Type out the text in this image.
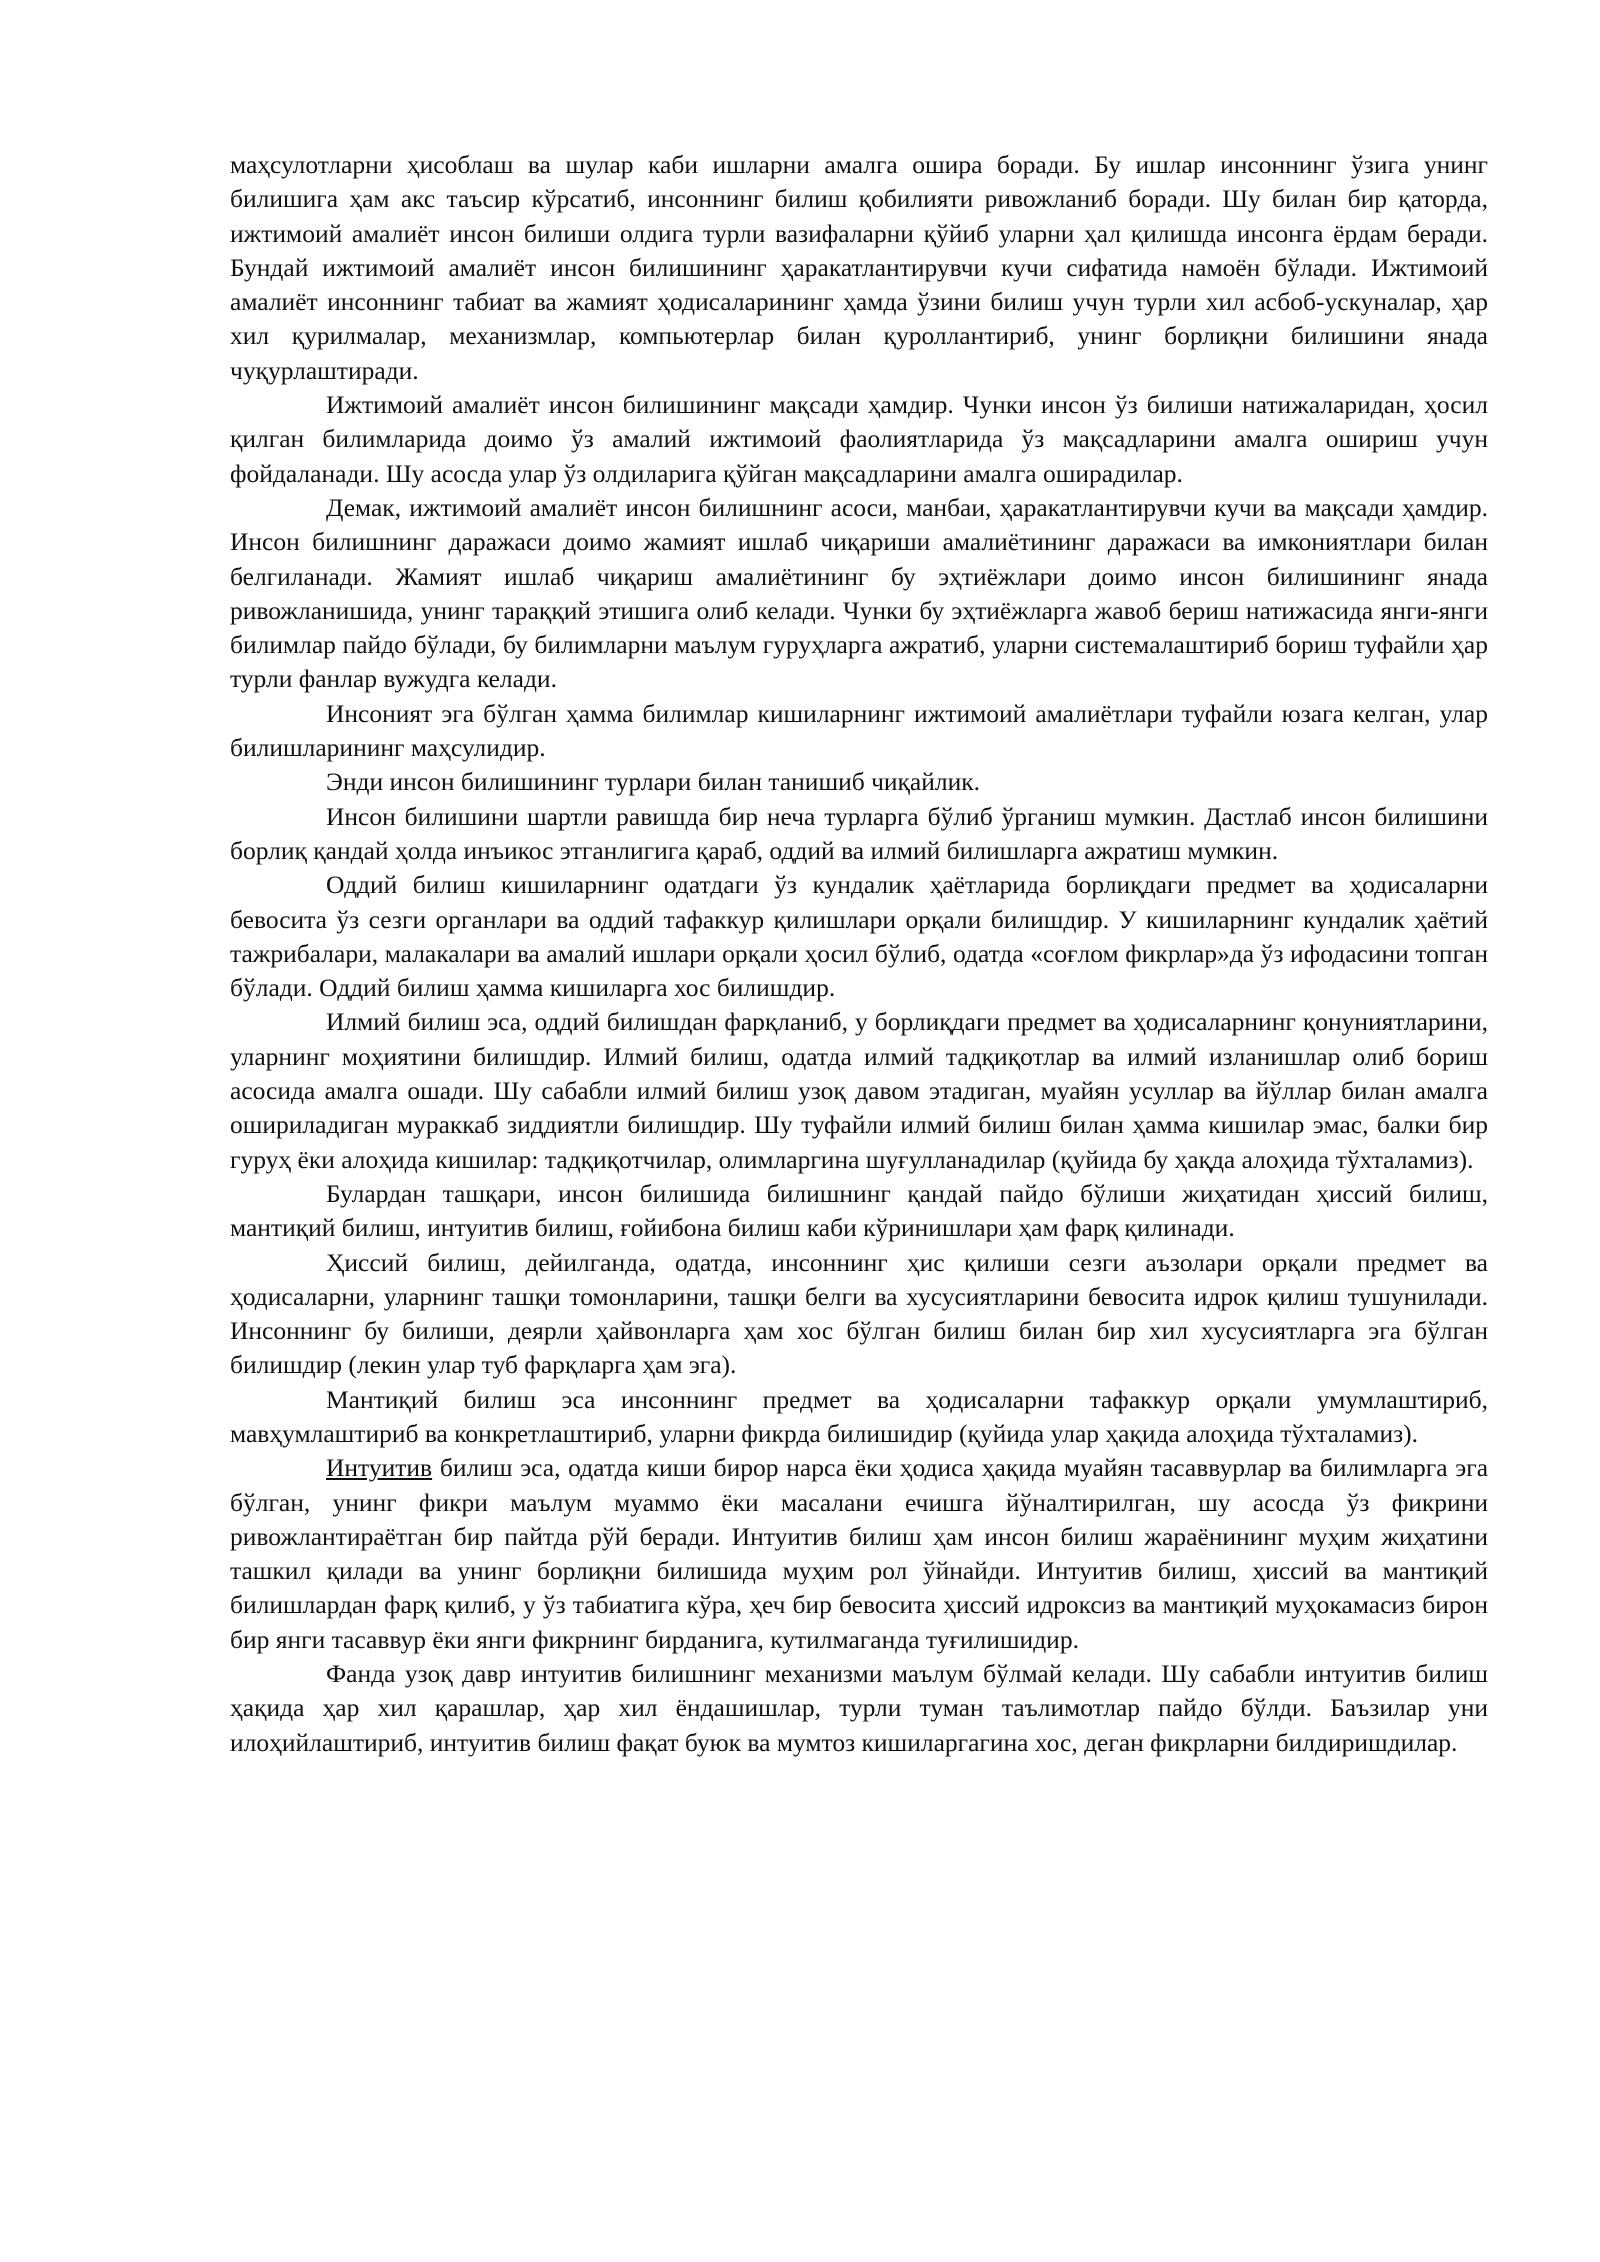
маҳсулотларни ҳисоблаш ва шулар каби ишларни амалга ошира боради. Бу ишлар инсоннинг ўзига унинг билишига ҳам акс таъсир кўрсатиб, инсоннинг билиш қобилияти ривожланиб боради. Шу билан бир қаторда, ижтимоий амалиёт инсон билиши олдига турли вазифаларни қўйиб уларни ҳал қилишда инсонга ёрдам беради. Бундай ижтимоий амалиёт инсон билишининг ҳаракатлантирувчи кучи сифатида намоён бўлади. Ижтимоий амалиёт инсоннинг табиат ва жамият ҳодисаларининг ҳамда ўзини билиш учун турли хил асбоб-ускуналар, ҳар хил қурилмалар, механизмлар, компьютерлар билан қуроллантириб, унинг борлиқни билишини янада чуқурлаштиради.

Ижтимоий амалиёт инсон билишининг мақсади ҳамдир. Чунки инсон ўз билиши натижаларидан, ҳосил қилган билимларида доимо ўз амалий ижтимоий фаолиятларида ўз мақсадларини амалга ошириш учун фойдаланади. Шу асосда улар ўз олдиларига қўйган мақсадларини амалга оширадилар.

Демак, ижтимоий амалиёт инсон билишнинг асоси, манбаи, ҳаракатлантирувчи кучи ва мақсади ҳамдир. Инсон билишнинг даражаси доимо жамият ишлаб чиқариши амалиётининг даражаси ва имкониятлари билан белгиланади. Жамият ишлаб чиқариш амалиётининг бу эҳтиёжлари доимо инсон билишининг янада ривожланишида, унинг тараққий этишига олиб келади. Чунки бу эҳтиёжларга жавоб бериш натижасида янги-янги билимлар пайдо бўлади, бу билимларни маълум гуруҳларга ажратиб, уларни системалаштириб бориш туфайли ҳар турли фанлар вужудга келади.

Инсоният эга бўлган ҳамма билимлар кишиларнинг ижтимоий амалиётлари туфайли юзага келган, улар билишларининг маҳсулидир.

Энди инсон билишининг турлари билан танишиб чиқайлик.

Инсон билишини шартли равишда бир неча турларга бўлиб ўрганиш мумкин. Дастлаб инсон билишини борлиқ қандай ҳолда инъикос этганлигига қараб, оддий ва илмий билишларга ажратиш мумкин.

Оддий билиш кишиларнинг одатдаги ўз кундалик ҳаётларида борлиқдаги предмет ва ҳодисаларни бевосита ўз сезги органлари ва оддий тафаккур қилишлари орқали билишдир. У кишиларнинг кундалик ҳаётий тажрибалари, малакалари ва амалий ишлари орқали ҳосил бўлиб, одатда «соғлом фикрлар»да ўз ифодасини топган бўлади. Оддий билиш ҳамма кишиларга хос билишдир.

Илмий билиш эса, оддий билишдан фарқланиб, у борлиқдаги предмет ва ҳодисаларнинг қонуниятларини, уларнинг моҳиятини билишдир. Илмий билиш, одатда илмий тадқиқотлар ва илмий изланишлар олиб бориш асосида амалга ошади. Шу сабабли илмий билиш узоқ давом этадиган, муайян усуллар ва йўллар билан амалга ошириладиган мураккаб зиддиятли билишдир. Шу туфайли илмий билиш билан ҳамма кишилар эмас, балки бир гуруҳ ёки алоҳида кишилар: тадқиқотчилар, олимларгина шуғулланадилар (қуйида бу ҳақда алоҳида тўхталамиз).

Булардан ташқари, инсон билишида билишнинг қандай пайдо бўлиши жиҳатидан ҳиссий билиш, мантиқий билиш, интуитив билиш, ғойибона билиш каби кўринишлари ҳам фарқ қилинади.

Ҳиссий билиш, дейилганда, одатда, инсоннинг ҳис қилиши сезги аъзолари орқали предмет ва ҳодисаларни, уларнинг ташқи томонларини, ташқи белги ва хусусиятларини бевосита идрок қилиш тушунилади. Инсоннинг бу билиши, деярли ҳайвонларга ҳам хос бўлган билиш билан бир хил хусусиятларга эга бўлган билишдир (лекин улар туб фарқларга ҳам эга).

Мантиқий билиш эса инсоннинг предмет ва ҳодисаларни тафаккур орқали умумлаштириб, мавҳумлаштириб ва конкретлаштириб, уларни фикрда билишидир (қуйида улар ҳақида алоҳида тўхталамиз).

Интуитив билиш эса, одатда киши бирор нарса ёки ҳодиса ҳақида муайян тасаввурлар ва билимларга эга бўлган, унинг фикри маълум муаммо ёки масалани ечишга йўналтирилган, шу асосда ўз фикрини ривожлантираётган бир пайтда рўй беради. Интуитив билиш ҳам инсон билиш жараёнининг муҳим жиҳатини ташкил қилади ва унинг борлиқни билишида муҳим рол ўйнайди. Интуитив билиш, ҳиссий ва мантиқий билишлардан фарқ қилиб, у ўз табиатига кўра, ҳеч бир бевосита ҳиссий идроксиз ва мантиқий муҳокамасиз бирон бир янги тасаввур ёки янги фикрнинг бирданига, кутилмаганда туғилишидир.

Фанда узоқ давр интуитив билишнинг механизми маълум бўлмай келади. Шу сабабли интуитив билиш ҳақида ҳар хил қарашлар, ҳар хил ёндашишлар, турли туман таълимотлар пайдо бўлди. Баъзилар уни илоҳийлаштириб, интуитив билиш фақат буюк ва мумтоз кишиларгагина хос, деган фикрларни билдиришдилар.
